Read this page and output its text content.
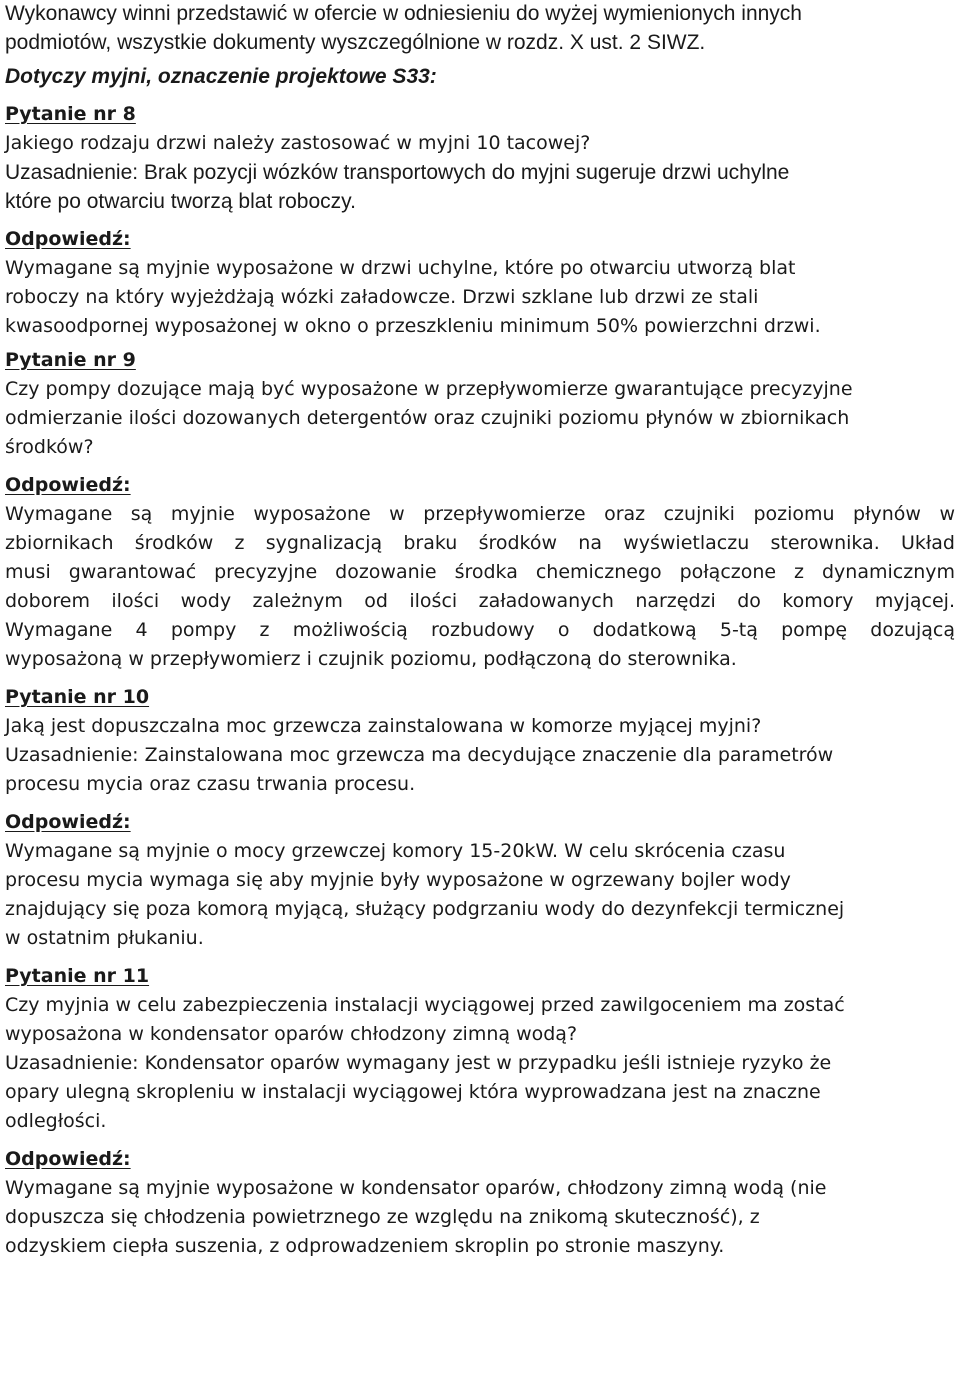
Wykonawcy winni przedstawić w ofercie w odniesieniu do wyżej wymienionych innych
podmiotów, wszystkie dokumenty wyszczególnione w rozdz. X ust. 2 SIWZ.
Dotyczy myjni, oznaczenie projektowe S33:
Pytanie nr 8
Jakiego rodzaju drzwi należy zastosować w myjni 10 tacowej?
Uzasadnienie: Brak pozycji wózków transportowych do myjni sugeruje drzwi uchylne
które po otwarciu tworzą blat roboczy.
Odpowiedź:
Wymagane są myjnie wyposażone w drzwi uchylne, które po otwarciu utworzą blat
roboczy na który wyjeżdżają wózki załadowcze. Drzwi szklane lub drzwi ze stali
kwasoodpornej wyposażonej w okno o przeszkleniu minimum 50% powierzchni drzwi.
Pytanie nr 9
Czy pompy dozujące mają być wyposażone w przepływomierze gwarantujące precyzyjne
odmierzanie ilości dozowanych detergentów oraz czujniki poziomu płynów w zbiornikach
środków?
Odpowiedź:
Wymagane są myjnie wyposażone w przepływomierze oraz czujniki poziomu płynów w
zbiornikach środków z sygnalizacją braku środków na wyświetlaczu sterownika. Układ
musi gwarantować precyzyjne dozowanie środka chemicznego połączone z dynamicznym
doborem ilości wody zależnym od ilości załadowanych narzędzi do komory myjącej.
Wymagane 4 pompy z możliwością rozbudowy o dodatkową 5-tą pompę dozującą
wyposażoną w przepływomierz i czujnik poziomu, podłączoną do sterownika.
Pytanie nr 10
Jaką jest dopuszczalna moc grzewcza zainstalowana w komorze myjącej myjni?
Uzasadnienie: Zainstalowana moc grzewcza ma decydujące znaczenie dla parametrów
procesu mycia oraz czasu trwania procesu.
Odpowiedź:
Wymagane są myjnie o mocy grzewczej komory 15-20kW. W celu skrócenia czasu
procesu mycia wymaga się aby myjnie były wyposażone w ogrzewany bojler wody
znajdujący się poza komorą myjącą, służący podgrzaniu wody do dezynfekcji termicznej
w ostatnim płukaniu.
Pytanie nr 11
Czy myjnia w celu zabezpieczenia instalacji wyciągowej przed zawilgoceniem ma zostać
wyposażona w kondensator oparów chłodzony zimną wodą?
Uzasadnienie: Kondensator oparów wymagany jest w przypadku jeśli istnieje ryzyko że
opary ulegną skropleniu w instalacji wyciągowej która wyprowadzana jest na znaczne
odległości.
Odpowiedź:
Wymagane są myjnie wyposażone w kondensator oparów, chłodzony zimną wodą (nie
dopuszcza się chłodzenia powietrznego ze względu na znikomą skuteczność), z
odzyskiem ciepła suszenia, z odprowadzeniem skroplin po stronie maszyny.
